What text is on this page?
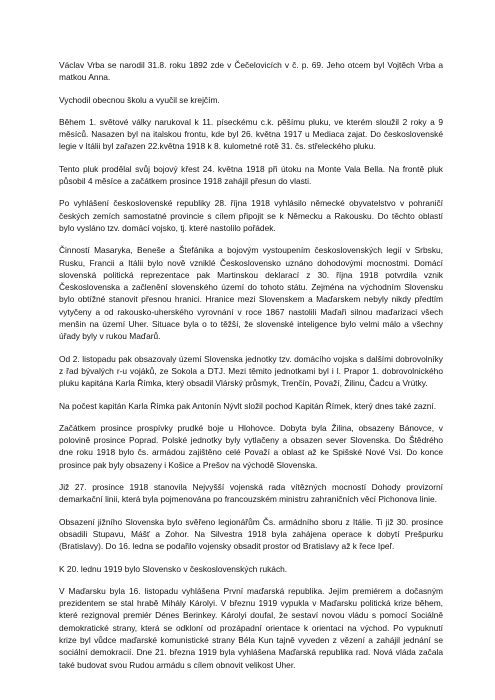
Václav Vrba se narodil 31.8. roku 1892 zde v Čečelovicích v č. p. 69. Jeho otcem byl Vojtěch Vrba a matkou Anna.

Vychodil obecnou školu a vyučil se krejčím.

Během 1. světové války narukoval k 11. píseckému c.k. pěšímu pluku, ve kterém sloužil 2 roky a 9 měsíců. Nasazen byl na italskou frontu, kde byl 26. května 1917 u Mediaca zajat. Do československé legie v Itálii byl zařazen 22.května 1918 k 8. kulometné rotě 31. čs. střeleckého pluku.

Tento pluk prodělal svůj bojový křest 24. května 1918 při útoku na Monte Vala Bella. Na frontě pluk působil 4 měsíce a začátkem prosince 1918 zahájil přesun do vlasti.

Po vyhlášení československé republiky 28. října 1918 vyhlásilo německé obyvatelstvo v pohraničí českých zemích samostatné provincie s cílem připojit se k Německu a Rakousku. Do těchto oblastí bylo vysláno tzv. domácí vojsko, tj. které nastolilo pořádek.

Činností Masaryka, Beneše a Štefánika a bojovým vystoupením československých legií v Srbsku, Rusku, Francii a Itálii bylo nově vzniklé Československo uznáno dohodovými mocnostmi. Domácí slovenská politická reprezentace pak Martinskou deklarací z 30. října 1918 potvrdila vznik Československa a začlenění slovenského území do tohoto státu. Zejména na východním Slovensku bylo obtížné stanovit přesnou hranici. Hranice mezi Slovenskem a Maďarskem nebyly nikdy předtím vytyčeny a od rakousko-uherského vyrovnání v roce 1867 nastolili Maďaři silnou maďarizaci všech menšin na území Uher. Situace byla o to těžší, že slovenské inteligence bylo velmi málo a všechny úřady byly v rukou Maďarů.

Od 2. listopadu pak obsazovaly území Slovenska jednotky tzv. domácího vojska s dalšími dobrovolníky z řad bývalých r-u vojáků, ze Sokola a DTJ. Mezi těmito jednotkami byl i l. Prapor 1. dobrovolnického pluku kapitána Karla Římka, který obsadil Vlárský průsmyk, Trenčín, Považí, Žilinu, Čadcu a Vrútky.

Na počest kapitán Karla Římka pak Antonín Nývlt složil pochod Kapitán Římek, který dnes také zazní.

Začátkem prosince prospívky prudké boje u Hlohovce. Dobyta byla Žilina, obsazeny Bánovce, v polovině prosince Poprad. Polské jednotky byly vytlačeny a obsazen sever Slovenska. Do Štědrého dne roku 1918 bylo čs. armádou zajištěno celé Považí a oblast až ke Spišské Nové Vsi. Do konce prosince pak byly obsazeny i Košice a Prešov na východě Slovenska.

Již 27. prosince 1918 stanovila Nejvyšší vojenská rada vítězných mocností Dohody provizorní demarkační linii, která byla pojmenována po francouzském ministru zahraničních věcí Pichonova linie.

Obsazení jižního Slovenska bylo svěřeno legionářům Čs. armádního sboru z Itálie. Ti již 30. prosince obsadili Stupavu, Mášť a Zohor. Na Silvestra 1918 byla zahájena operace k dobytí Prešpurku (Bratislavy). Do 16. ledna se podařilo vojensky obsadit prostor od Bratislavy až k řece Ipeľ.

K 20. lednu 1919 bylo Slovensko v československých rukách.

V Maďarsku byla 16. listopadu vyhlášena První maďarská republika. Jejím premiérem a dočasným prezidentem se stal hrabě Mihály Károlyi. V březnu 1919 vypukla v Maďarsku politická krize během, které rezignoval premiér Dénes Berinkey. Károlyi doufal, že sestaví novou vládu s pomocí Sociálně demokratické strany, která se odkloní od prozápadní orientace k orientaci na východ. Po vypuknutí krize byl vůdce maďarské komunistické strany Béla Kun tajně vyveden z vězení a zahájil jednání se sociální demokracií. Dne 21. března 1919 byla vyhlášena Maďarská republika rad. Nová vláda začala také budovat svou Rudou armádu s cílem obnovit velikost Uher.
